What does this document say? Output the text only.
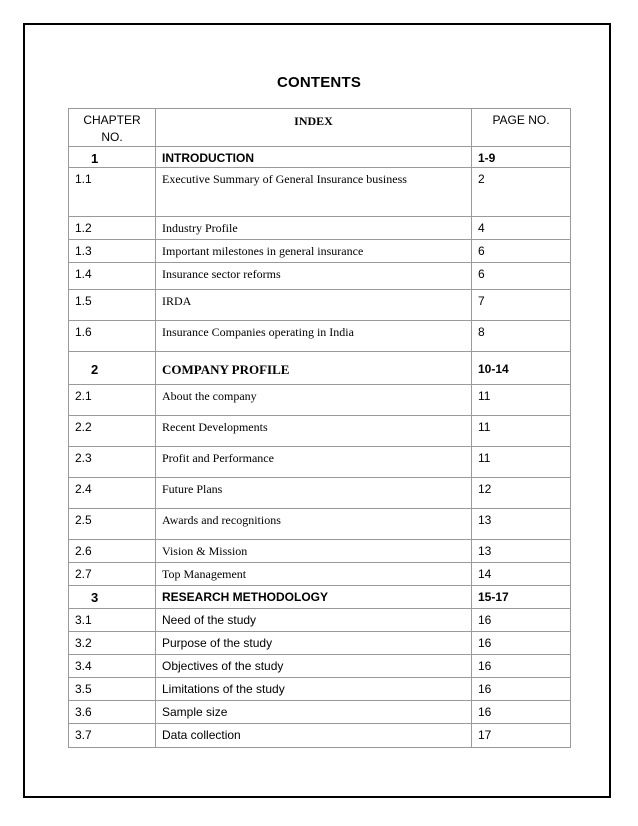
CONTENTS
CHAPTER NO.	INDEX	PAGE NO.
1	INTRODUCTION	1-9
1.1	Executive Summary of General Insurance business	2
1.2	Industry Profile	4
1.3	Important milestones in general insurance	6
1.4	Insurance sector reforms	6
1.5	IRDA	7
1.6	Insurance Companies operating in India	8
2	COMPANY PROFILE	10-14
2.1	About the company	11
2.2	Recent Developments	11
2.3	Profit and Performance	11
2.4	Future Plans	12
2.5	Awards and recognitions	13
2.6	Vision & Mission	13
2.7	Top Management	14
3	RESEARCH METHODOLOGY	15-17
3.1	Need of the study	16
3.2	Purpose of the study	16
3.4	Objectives of the study	16
3.5	Limitations of the study	16
3.6	Sample size	16
3.7	Data collection	17
